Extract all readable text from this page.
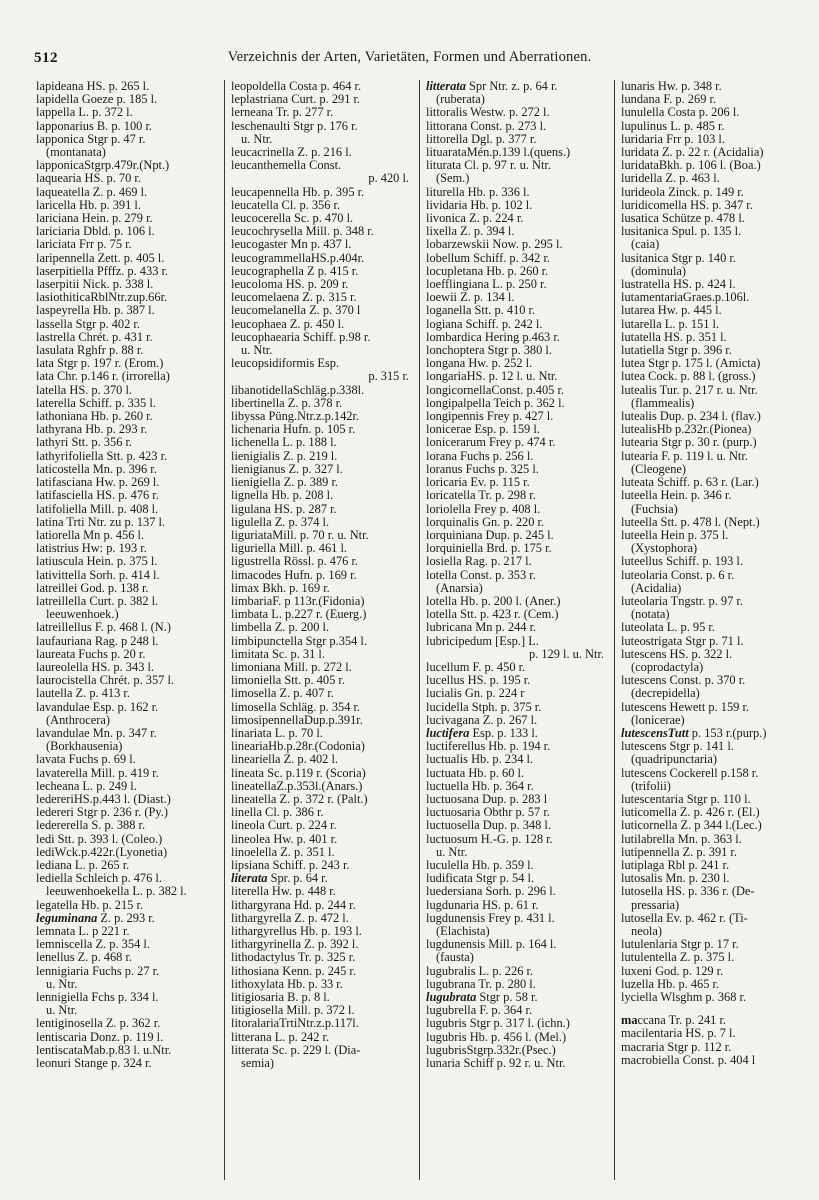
512	Verzeichnis der Arten, Varietäten, Formen und Aberrationen.
lapideana HS. p. 265 l.
lapidella Goeze p. 185 l.
lappella L. p. 372 l.
lapponarius B. p. 100 r.
lapponica Stgr p. 47 r.
(montanata)
lapponicaStgrp.479r.(Npt.)
laquearia HS. p. 70 r.
laqueatella Z. p. 469 l.
laricella Hb. p. 391 l.
lariciana Hein. p. 279 r.
lariciaria Dbld. p. 106 l.
lariciata Frr p. 75 r.
laripennella Zett. p. 405 l.
laserpitiella Pfffz. p. 433 r.
laserpitii Nick. p. 338 l.
lasiothiticaRblNtr.zup.66r.
laspeyrella Hb. p. 387 l.
lassella Stgr p. 402 r.
lastrella Chrét. p. 431 r.
lasulata Rghfr p. 88 r.
lata Stgr p. 197 r. (Erom.)
lata Chr. p.146 r. (irrorella)
latella HS. p. 370 l.
laterella Schiff. p. 335 l.
lathoniana Hb. p. 260 r.
lathyrana Hb. p. 293 r.
lathyri Stt. p. 356 r.
lathyrifoliella Stt. p. 423 r.
laticostella Mn. p. 396 r.
latifasciana Hw. p. 269 l.
latifasciella HS. p. 476 r.
latifoliella Mill. p. 408 l.
latina Trti Ntr. zu p. 137 l.
latiorella Mn p. 456 l.
latistrius Hw: p. 193 r.
latiusculа Hein. p. 375 l.
lativittella Sorh. p. 414 l.
latreillei God. p. 138 r.
latreillella Curt. p. 382 l.
leeuwenhoek.)
latreillellus F. p. 468 l. (N.)
laufauriana Rag. p 248 l.
laureata Fuchs p. 20 r.
laureolella HS. p. 343 l.
laurocistella Chrét. p. 357 l.
lautella Z. p. 413 r.
lavandulae Esp. p. 162 r.
(Anthrocera)
lavandulae Mn. p. 347 r.
(Borkhausenia)
lavata Fuchs p. 69 l.
lavaterella Mill. p. 419 r.
lecheana L. p. 249 l.
ledereriHS.p.443 l. (Diast.)
ledereri Stgr p. 236 r. (Py.)
ledererella S. p. 388 r.
ledi Stt. p. 393 l. (Coleo.)
lediWck.p.422r.(Lyonetia)
lediana L. p. 265 r.
lediella Schleich p. 476 l.
leeuwenhoekella L. p. 382 l.
legatella Hb. p. 215 r.
leguminana Z. p. 293 r.
lemnata L. p 221 r.
lemniscella Z. p. 354 l.
lenellus Z. p. 468 r.
lennigiaria Fuchs p. 27 r.
u. Ntr.
lennigiella Fchs p. 334 l.
u. Ntr.
lentiginosella Z. p. 362 r.
lentiscaria Donz. p. 119 l.
lentiscataMab.p.83 l. u.Ntr.
leonuri Stange p. 324 r.
leopoldella Costa p. 464 r.
leplastriana Curt. p. 291 r.
lerneana Tr. p. 277 r.
leschenaulti Stgr p. 176 r.
u. Ntr.
leucacrinella Z. p. 216 l.
leucanthemella Const.
p. 420 l.
leucapennella Hb. p. 395 r.
leucatella Cl. p. 356 r.
leucocerella Sc. p. 470 l.
leucochrysella Mill. p. 348 r.
leucogaster Mn p. 437 l.
leucogrammellaHS.p.404r.
leucographella Z p. 415 r.
leucoloma HS. p. 209 r.
leucomelaena Z. p. 315 r.
leucomelanella Z. p. 370 l
leucophaea Z. p. 450 l.
leucophaearia Schiff. p.98 r.
u. Ntr.
leucopsidiformis Esp.
p. 315 r.
libanotidellaSchläg.p.338l.
libertinella Z. p. 378 r.
libyssa Püng.Ntr.z.p.142r.
lichenaria Hufn. p. 105 r.
lichenella L. p. 188 l.
lienigialis Z. p. 219 l.
lienigianus Z. p. 327 l.
lienigiella Z. p. 389 r.
lignella Hb. p. 208 l.
ligulana HS. p. 287 r.
ligulella Z. p. 374 l.
liguriataMill. p. 70 r. u. Ntr.
liguriella Mill. p. 461 l.
ligustrella Rössl. p. 476 r.
limacodes Hufn. p. 169 r.
limax Bkh. p. 169 r.
limbariaF. p 113r.(Fidonia)
limbata L. p.227 r. (Euerg.)
limbella Z. p. 200 l.
limbipunctella Stgr p.354 l.
limitata Sc. p. 31 l.
limoniana Mill. p. 272 l.
limoniella Stt. p. 405 r.
limosella Z. p. 407 r.
limosella Schläg. p. 354 r.
limosipennellaDup.p.391r.
linariata L. p. 70 l.
lineariaHb.p.28r.(Codonia)
lineariella Z. p. 402 l.
lineata Sc. p.119 r. (Scoria)
lineatellaZ.p.353l.(Anars.)
lineatella Z. p. 372 r. (Palt.)
linella Cl. p. 386 r.
lineola Curt. p. 224 r.
lineolea Hw. p. 401 r.
linoelella Z. p. 351 l.
lipsiana Schiff. p. 243 r.
literata Spr. p. 64 r.
literella Hw. p. 448 r.
lithargyrana Hd. p. 244 r.
lithargyrella Z. p. 472 l.
lithargyrellus Hb. p. 193 l.
lithargyrinella Z. p. 392 l.
lithodactylus Tr. p. 325 r.
lithosiana Kenn. p. 245 r.
lithoxylata Hb. p. 33 r.
litigiosaria B. p. 8 l.
litigiosella Mill. p. 372 l.
litoralariaTrtiNtr.z.p.117l.
litterana L. p. 242 r.
litterata Sc. p. 229 l. (Dia-
semia)
litterata Spr Ntr. z. p. 64 r.
(ruberata)
littoralis Westw. p. 272 l.
littorana Const. p. 273 l.
littorella Dgl. p. 377 r.
lituarataMén.p.139 l.(quens.)
liturata Cl. p. 97 r. u. Ntr.
(Sem.)
liturella Hb. p. 336 l.
lividaria Hb. p. 102 l.
livonica Z. p. 224 r.
lixella Z. p. 394 l.
lobarzewskii Now. p. 295 l.
lobellum Schiff. p. 342 r.
locupletana Hb. p. 260 r.
loefflingiana L. p. 250 r.
loewii Z. p. 134 l.
loganella Stt. p. 410 r.
logiana Schiff. p. 242 l.
lombardica Hering p.463 r.
lonchoptera Stgr p. 380 l.
longana Hw. p. 252 l.
longariaHS. p. 12 l. u. Ntr.
longicornellaConst. p.405 r.
longipalpella Teich p. 362 l.
longipennis Frey p. 427 l.
lonicerae Esp. p. 159 l.
lonicerarum Frey p. 474 r.
lorana Fuchs p. 256 l.
loranus Fuchs p. 325 l.
loricaria Ev. p. 115 r.
loricatella Tr. p. 298 r.
loriolella Frey p. 408 l.
lorquinalis Gn. p. 220 r.
lorquiniana Dup. p. 245 l.
lorquiniella Brd. p. 175 r.
losiella Rag. p. 217 l.
lotella Const. p. 353 r.
(Anarsia)
lotella Hb. p. 200 l. (Aner.)
lotella Stt. p. 423 r. (Cem.)
lubricana Mn p. 244 r.
lubricipedum [Esp.] L.
p. 129 l. u. Ntr.
lucellum F. p. 450 r.
lucellus HS. p. 195 r.
lucialis Gn. p. 224 r
lucidella Stph. p. 375 r.
lucivagana Z. p. 267 l.
luctifera Esp. p. 133 l.
luctiferellus Hb. p. 194 r.
luctualis Hb. p. 234 l.
luctuata Hb. p. 60 l.
luctuella Hb. p. 364 r.
luctuosana Dup. p. 283 l
luctuosaria Obthr p. 57 r.
luctuosella Dup. p. 348 l.
luctuosum H.-G. p. 128 r.
u. Ntr.
luculella Hb. p. 359 l.
ludificata Stgr p. 54 l.
luedersiana Sorh. p. 296 l.
lugdunaria HS. p. 61 r.
lugdunensis Frey p. 431 l.
(Elachista)
lugdunensis Mill. p. 164 l.
(fausta)
lugubralis L. p. 226 r.
lugubrana Tr. p. 280 l.
lugubrata Stgr p. 58 r.
lugubrella F. p. 364 r.
lugubris Stgr p. 317 l. (ichn.)
lugubris Hb. p. 456 l. (Mel.)
lugubrisStgrp.332r.(Psec.)
lunaria Schiff p. 92 r. u. Ntr.
lunaris Hw. p. 348 r.
lundana F. p. 269 r.
lunulella Costa p. 206 l.
lupulinus L. p. 485 r.
luridaria Frr p. 103 l.
luridata Z. p. 22 r. (Acidalia)
luridataBkh. p. 106 l. (Boa.)
luridella Z. p. 463 l.
lurideola Zinck. p. 149 r.
luridicomella HS. p. 347 r.
lusatica Schütze p. 478 l.
lusitanica Spul. p. 135 l.
(caia)
lusitanica Stgr p. 140 r.
(dominula)
lustratella HS. p. 424 l.
lutamentariaGraes.p.106l.
lutarea Hw. p. 445 l.
lutarella L. p. 151 l.
lutatella HS. p. 351 l.
lutatiella Stgr p. 396 r.
lutea Stgr p. 175 l. (Amicta)
lutea Cock. p. 88 l. (gross.)
lutealis Tur. p. 217 r. u. Ntr.
(flammealis)
lutealis Dup. p. 234 l. (flav.)
lutealisHb p.232r.(Pionea)
lutearia Stgr p. 30 r. (purp.)
lutearia F. p. 119 l. u. Ntr.
(Cleogene)
luteata Schiff. p. 63 r. (Lar.)
luteella Hein. p. 346 r.
(Fuchsia)
luteella Stt. p. 478 l. (Nept.)
luteellа Hein p. 375 l.
(Xystophora)
luteellus Schiff. p. 193 l.
luteolaria Const. p. 6 r.
(Acidalia)
luteolaria Tngstr. p. 97 r.
(notata)
luteolata L. p. 95 r.
luteostrigata Stgr p. 71 l.
lutescens HS. p. 322 l.
(coprodactyla)
lutescens Const. p. 370 r.
(decrepidella)
lutescens Hewett p. 159 r.
(lonicerae)
lutescensTutt p. 153 r.(purp.)
lutescens Stgr p. 141 l.
(quadripunctaria)
lutescens Cockerell p.158 r.
(trifolii)
lutescentaria Stgr p. 110 l.
luticomella Z. p. 426 r. (El.)
luticornella Z. p 344 l.(Lec.)
lutilabrella Mn. p. 363 l.
lutipennella Z. p. 391 r.
lutiplaga Rbl p. 241 r.
lutosalis Mn. p. 230 l.
lutosella HS. p. 336 r. (De-
pressaria)
lutosella Ev. p. 462 r. (Ti-
neola)
lutulenlaria Stgr p. 17 r.
lutulentella Z. p. 375 l.
luxeni God. p. 129 r.
luzella Hb. p. 465 r.
lyciella Wlsghm p. 368 r.
maccana Tr. p. 241 r.
macilentaria HS. p. 7 l.
macraria Stgr p. 112 r.
macrobiella Const. p. 404 l
